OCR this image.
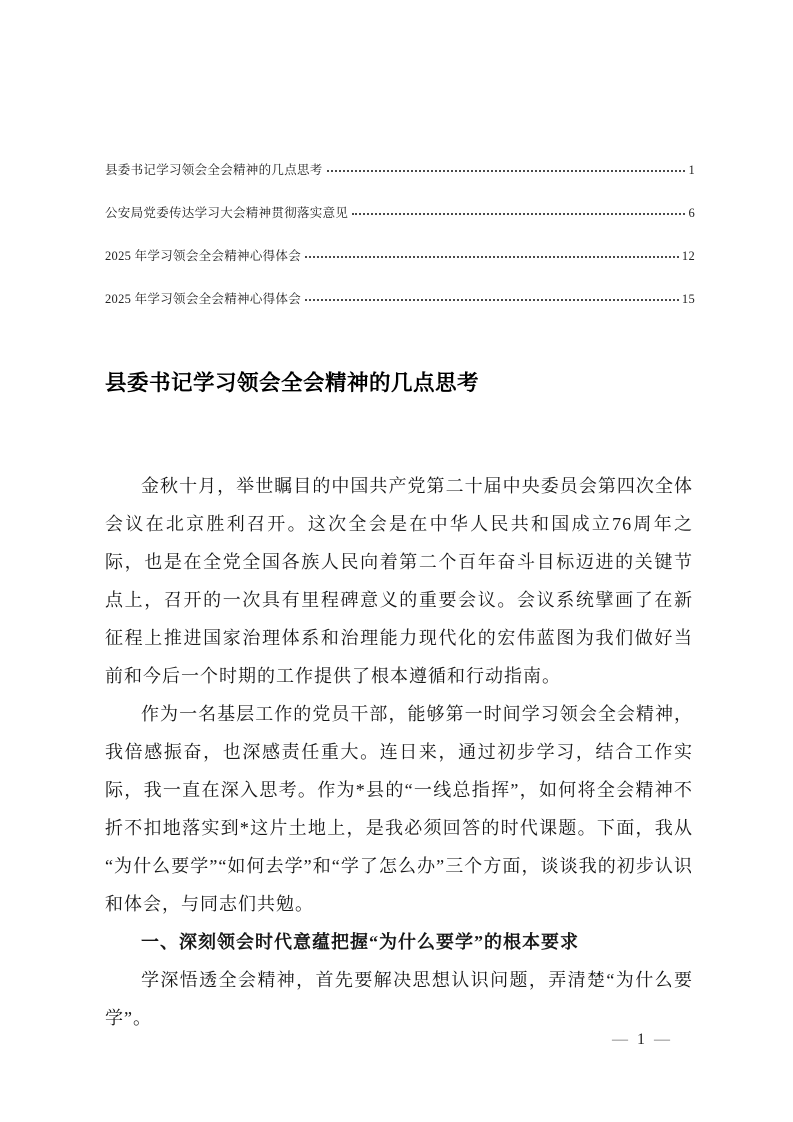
县委书记学习领会全会精神的几点思考	1
公安局党委传达学习大会精神贯彻落实意见	6
2025 年学习领会全会精神心得体会	12
2025 年学习领会全会精神心得体会	15
县委书记学习领会全会精神的几点思考

金秋十月，举世瞩目的中国共产党第二十届中央委员会第四次全体会议在北京胜利召开。这次全会是在中华人民共和国成立76周年之际，也是在全党全国各族人民向着第二个百年奋斗目标迈进的关键节点上，召开的一次具有里程碑意义的重要会议。会议系统擘画了在新征程上推进国家治理体系和治理能力现代化的宏伟蓝图为我们做好当前和今后一个时期的工作提供了根本遵循和行动指南。

作为一名基层工作的党员干部，能够第一时间学习领会全会精神，我倍感振奋，也深感责任重大。连日来，通过初步学习，结合工作实际，我一直在深入思考。作为*县的“一线总指挥”，如何将全会精神不折不扣地落实到*这片土地上，是我必须回答的时代课题。下面，我从“为什么要学”“如何去学”和“学了怎么办”三个方面，谈谈我的初步认识和体会，与同志们共勉。

一、深刻领会时代意蕴把握“为什么要学”的根本要求

学深悟透全会精神，首先要解决思想认识问题，弄清楚“为什么要学”。

— 1 —
